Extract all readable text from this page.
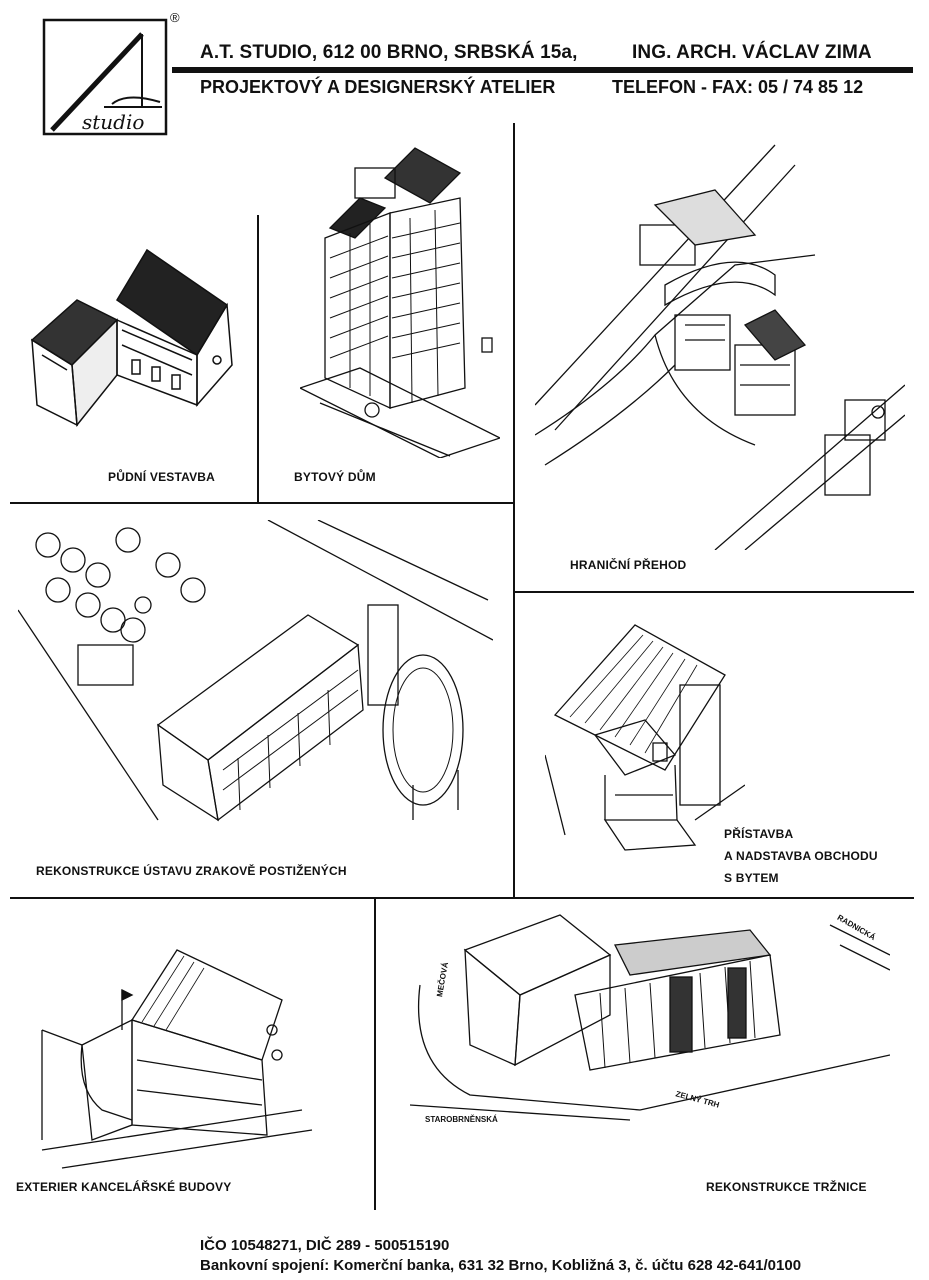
studio
®
A.T. STUDIO, 612 00 BRNO, SRBSKÁ 15a,	ING. ARCH. VÁCLAV ZIMA
PROJEKTOVÝ A DESIGNERSKÝ ATELIER	TELEFON - FAX: 05 / 74 85 12
PŮDNÍ VESTAVBA	BYTOVÝ DŮM
HRANIČNÍ PŘEHOD
REKONSTRUKCE ÚSTAVU ZRAKOVĚ POSTIŽENÝCH
PŘÍSTAVBA
A NADSTAVBA OBCHODU
S BYTEM
EXTERIER KANCELÁŘSKÉ BUDOVY
MEČOVÁ
RADNICKÁ
STAROBRNĚNSKÁ
ZELNÝ TRH
REKONSTRUKCE TRŽNICE
IČO 10548271, DIČ 289 - 500515190
Bankovní spojení: Komerční banka, 631 32 Brno, Kobližná 3, č. účtu 628 42-641/0100
